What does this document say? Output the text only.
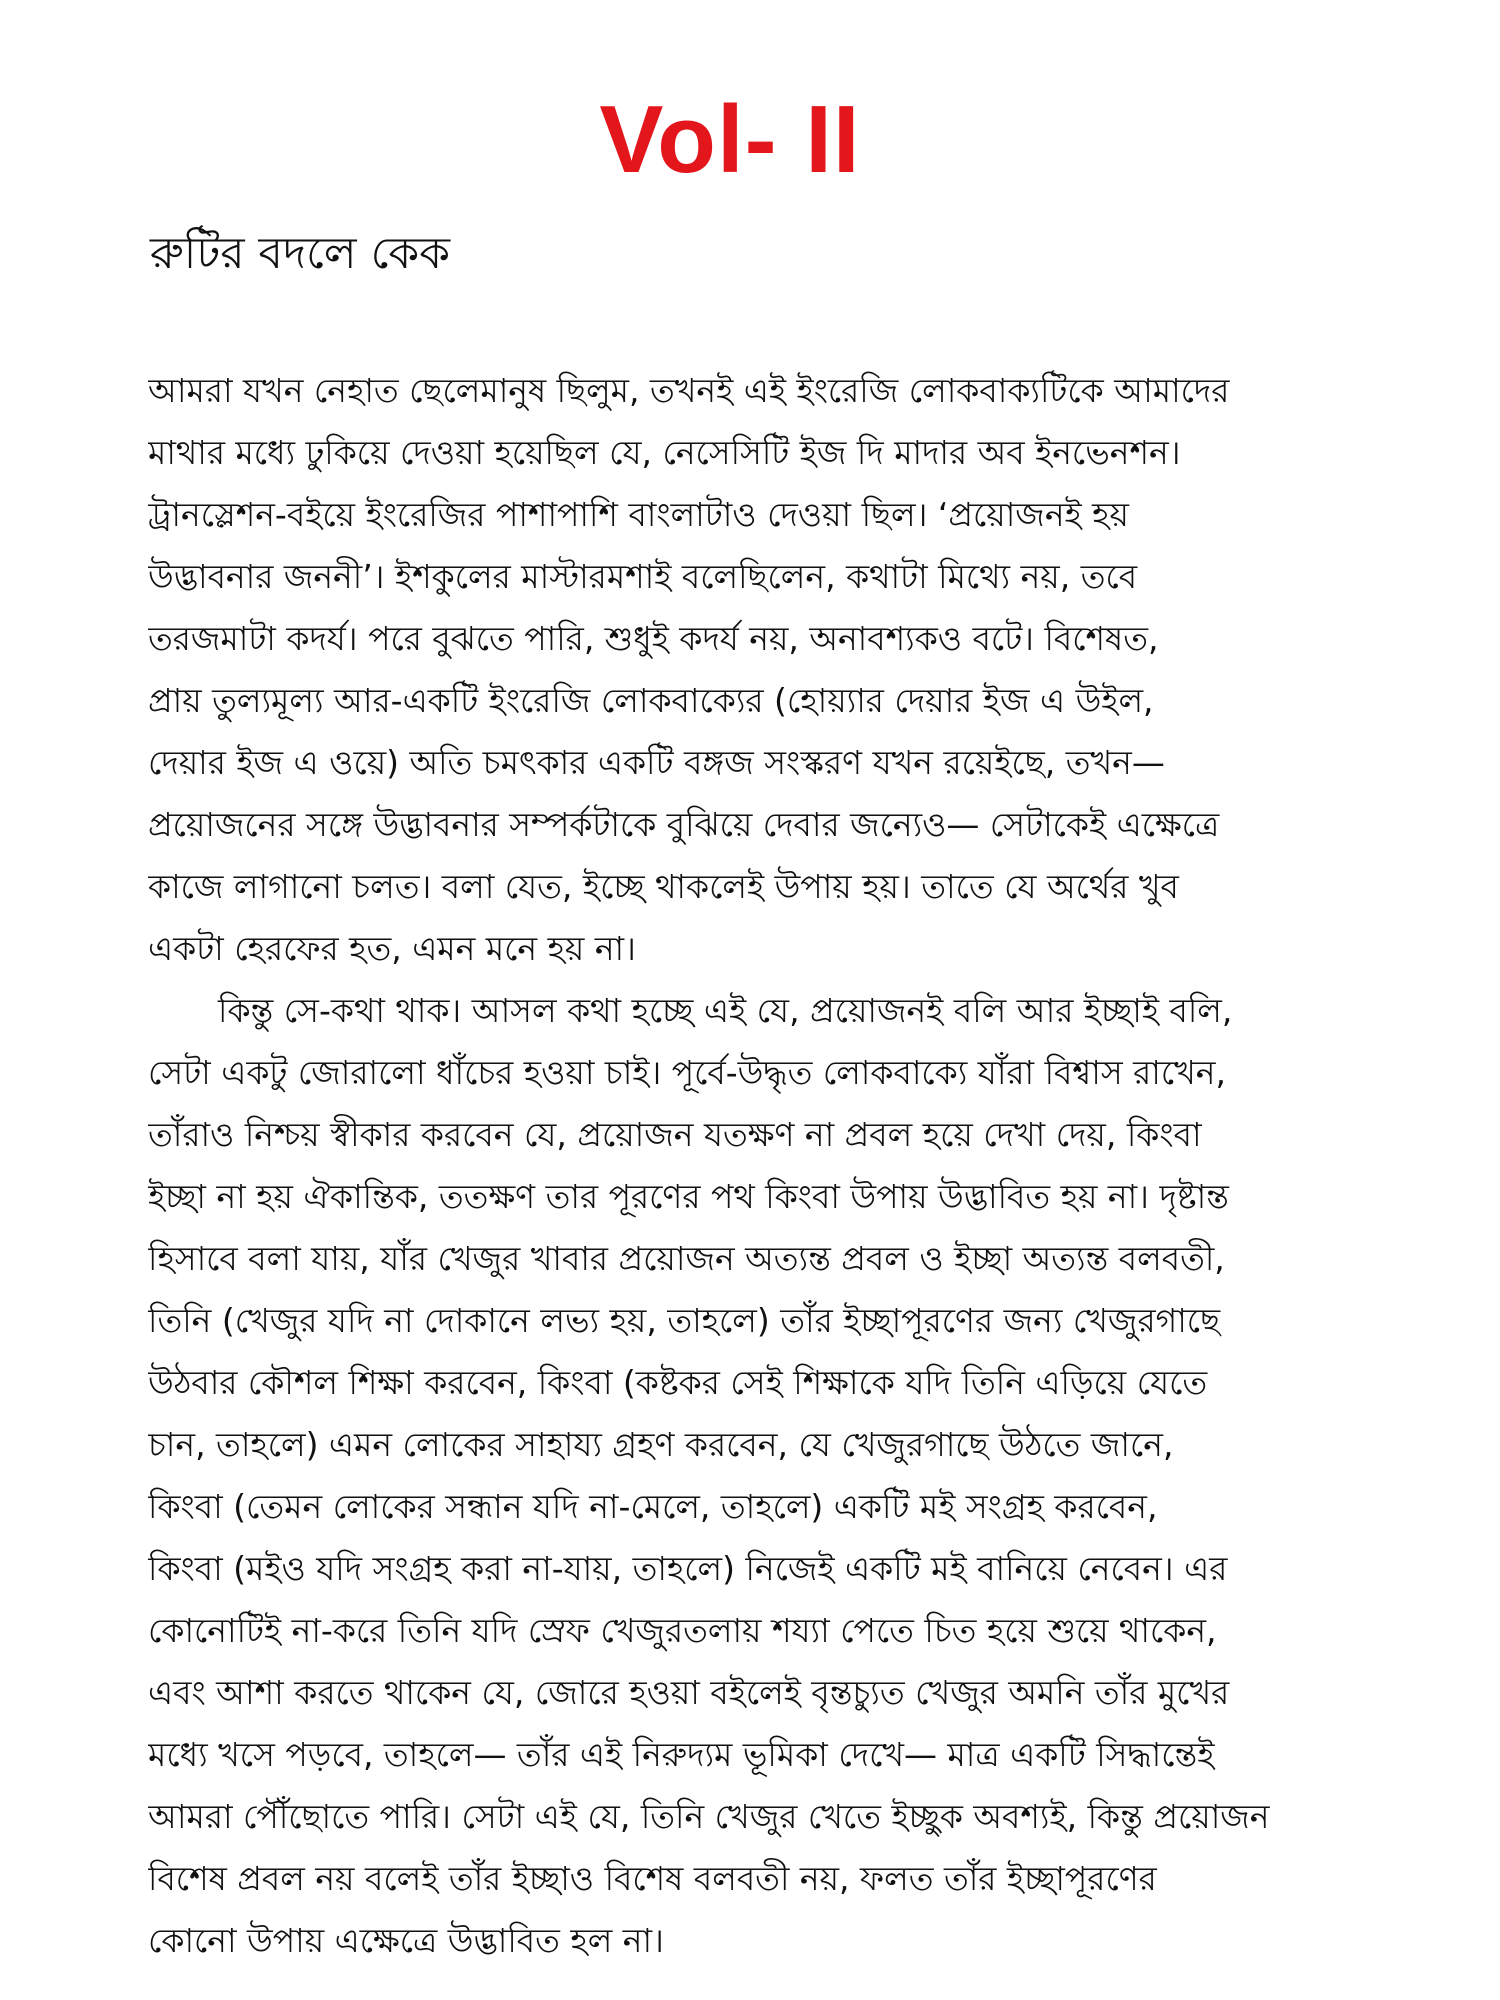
Vol- II
রুটির বদলে কেক
আমরা যখন নেহাত ছেলেমানুষ ছিলুম, তখনই এই ইংরেজি লোকবাক্যটিকে আমাদের
মাথার মধ্যে ঢুকিয়ে দেওয়া হয়েছিল যে, নেসেসিটি ইজ দি মাদার অব ইনভেনশন।
ট্রানস্লেশন-বইয়ে ইংরেজির পাশাপাশি বাংলাটাও দেওয়া ছিল। ‘প্রয়োজনই হয়
উদ্ভাবনার জননী’। ইশকুলের মাস্টারমশাই বলেছিলেন, কথাটা মিথ্যে নয়, তবে
তরজমাটা কদর্য। পরে বুঝতে পারি, শুধুই কদর্য নয়, অনাবশ্যকও বটে। বিশেষত,
প্রায় তুল্যমূল্য আর-একটি ইংরেজি লোকবাক্যের (হোয়্যার দেয়ার ইজ এ উইল,
দেয়ার ইজ এ ওয়ে) অতি চমৎকার একটি বঙ্গজ সংস্করণ যখন রয়েইছে, তখন—
প্রয়োজনের সঙ্গে উদ্ভাবনার সম্পর্কটাকে বুঝিয়ে দেবার জন্যেও— সেটাকেই এক্ষেত্রে
কাজে লাগানো চলত। বলা যেত, ইচ্ছে থাকলেই উপায় হয়। তাতে যে অর্থের খুব
একটা হেরফের হত, এমন মনে হয় না।
কিন্তু সে-কথা থাক। আসল কথা হচ্ছে এই যে, প্রয়োজনই বলি আর ইচ্ছাই বলি,
সেটা একটু জোরালো ধাঁচের হওয়া চাই। পূর্বে-উদ্ধৃত লোকবাক্যে যাঁরা বিশ্বাস রাখেন,
তাঁরাও নিশ্চয় স্বীকার করবেন যে, প্রয়োজন যতক্ষণ না প্রবল হয়ে দেখা দেয়, কিংবা
ইচ্ছা না হয় ঐকান্তিক, ততক্ষণ তার পূরণের পথ কিংবা উপায় উদ্ভাবিত হয় না। দৃষ্টান্ত
হিসাবে বলা যায়, যাঁর খেজুর খাবার প্রয়োজন অত্যন্ত প্রবল ও ইচ্ছা অত্যন্ত বলবতী,
তিনি (খেজুর যদি না দোকানে লভ্য হয়, তাহলে) তাঁর ইচ্ছাপূরণের জন্য খেজুরগাছে
উঠবার কৌশল শিক্ষা করবেন, কিংবা (কষ্টকর সেই শিক্ষাকে যদি তিনি এড়িয়ে যেতে
চান, তাহলে) এমন লোকের সাহায্য গ্রহণ করবেন, যে খেজুরগাছে উঠতে জানে,
কিংবা (তেমন লোকের সন্ধান যদি না-মেলে, তাহলে) একটি মই সংগ্রহ করবেন,
কিংবা (মইও যদি সংগ্রহ করা না-যায়, তাহলে) নিজেই একটি মই বানিয়ে নেবেন। এর
কোনোটিই না-করে তিনি যদি স্রেফ খেজুরতলায় শয্যা পেতে চিত হয়ে শুয়ে থাকেন,
এবং আশা করতে থাকেন যে, জোরে হওয়া বইলেই বৃন্তচ্যুত খেজুর অমনি তাঁর মুখের
মধ্যে খসে পড়বে, তাহলে— তাঁর এই নিরুদ্যম ভূমিকা দেখে— মাত্র একটি সিদ্ধান্তেই
আমরা পৌঁছোতে পারি। সেটা এই যে, তিনি খেজুর খেতে ইচ্ছুক অবশ্যই, কিন্তু প্রয়োজন
বিশেষ প্রবল নয় বলেই তাঁর ইচ্ছাও বিশেষ বলবতী নয়, ফলত তাঁর ইচ্ছাপূরণের
কোনো উপায় এক্ষেত্রে উদ্ভাবিত হল না।
